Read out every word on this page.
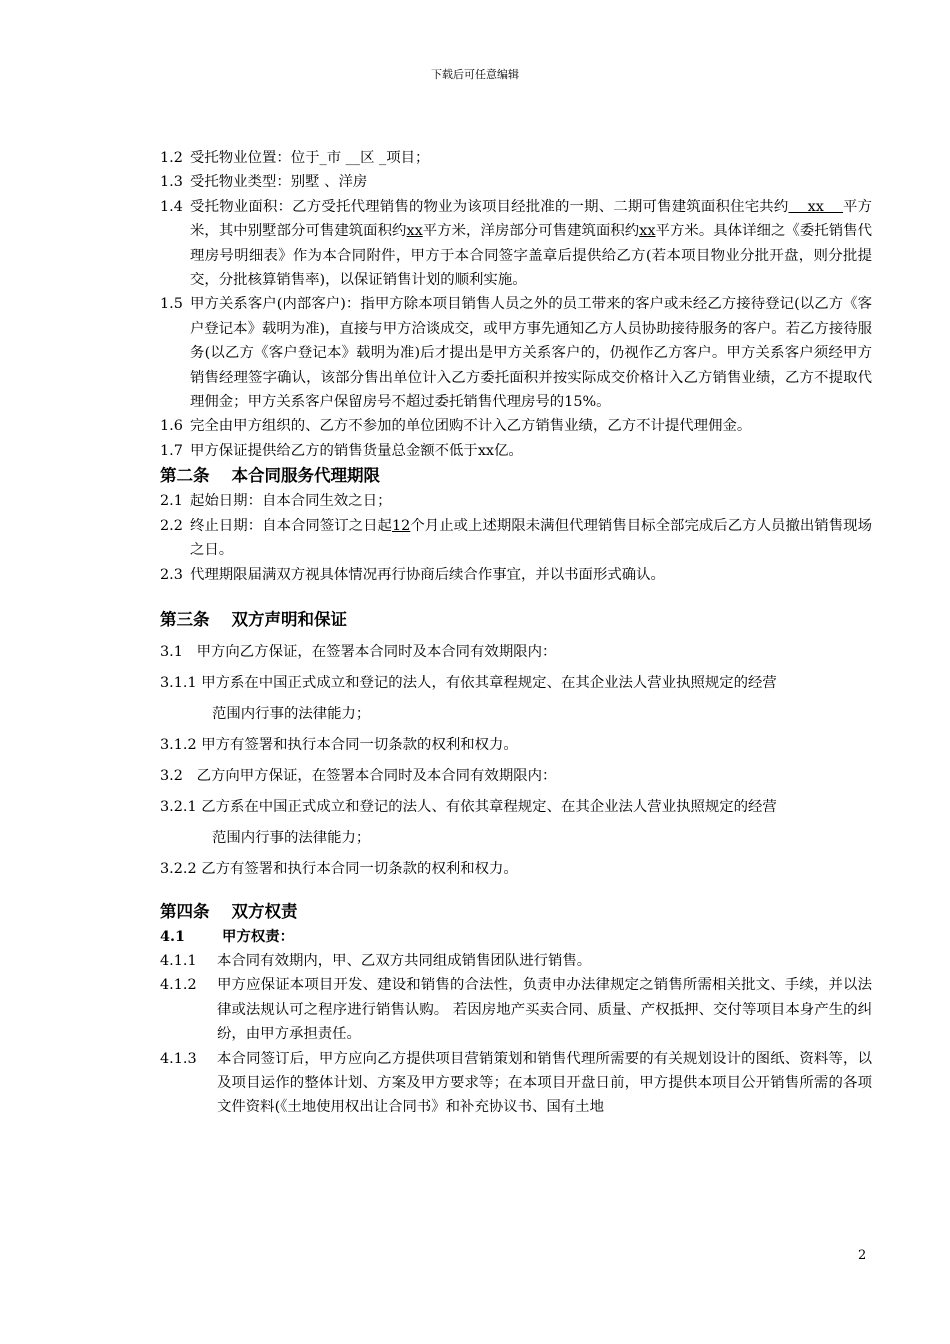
下载后可任意编辑
1.2 受托物业位置：位于_市 __区 _项目；
1.3 受托物业类型：别墅 、洋房
1.4 受托物业面积：乙方受托代理销售的物业为该项目经批准的一期、二期可售建筑面积住宅共约    xx    平方米，其中别墅部分可售建筑面积约xx平方米，洋房部分可售建筑面积约xx平方米。具体详细之《委托销售代理房号明细表》作为本合同附件，甲方于本合同签字盖章后提供给乙方(若本项目物业分批开盘，则分批提交，分批核算销售率)，以保证销售计划的顺利实施。
1.5 甲方关系客户(内部客户)：指甲方除本项目销售人员之外的员工带来的客户或未经乙方接待登记(以乙方《客户登记本》载明为准)，直接与甲方洽谈成交，或甲方事先通知乙方人员协助接待服务的客户。若乙方接待服务(以乙方《客户登记本》载明为准)后才提出是甲方关系客户的，仍视作乙方客户。甲方关系客户须经甲方销售经理签字确认，该部分售出单位计入乙方委托面积并按实际成交价格计入乙方销售业绩，乙方不提取代理佣金；甲方关系客户保留房号不超过委托销售代理房号的15%。
1.6 完全由甲方组织的、乙方不参加的单位团购不计入乙方销售业绩，乙方不计提代理佣金。
1.7 甲方保证提供给乙方的销售货量总金额不低于xx亿。
第二条 本合同服务代理期限
2.1 起始日期：自本合同生效之日；
2.2 终止日期：自本合同签订之日起12个月止或上述期限未满但代理销售目标全部完成后乙方人员撤出销售现场之日。
2.3 代理期限届满双方视具体情况再行协商后续合作事宜，并以书面形式确认。
第三条 双方声明和保证
3.1   甲方向乙方保证，在签署本合同时及本合同有效期限内：
3.1.1 甲方系在中国正式成立和登记的法人，有依其章程规定、在其企业法人营业执照规定的经营
范围内行事的法律能力；
3.1.2 甲方有签署和执行本合同一切条款的权利和权力。
3.2   乙方向甲方保证，在签署本合同时及本合同有效期限内：
3.2.1 乙方系在中国正式成立和登记的法人、有依其章程规定、在其企业法人营业执照规定的经营
范围内行事的法律能力；
3.2.2 乙方有签署和执行本合同一切条款的权利和权力。
第四条 双方权责
4.1	甲方权责：
4.1.1 本合同有效期内，甲、乙双方共同组成销售团队进行销售。
4.1.2 甲方应保证本项目开发、建设和销售的合法性，负责申办法律规定之销售所需相关批文、手续，并以法律或法规认可之程序进行销售认购。 若因房地产买卖合同、质量、产权抵押、交付等项目本身产生的纠纷，由甲方承担责任。
4.1.3 本合同签订后，甲方应向乙方提供项目营销策划和销售代理所需要的有关规划设计的图纸、资料等，以及项目运作的整体计划、方案及甲方要求等；在本项目开盘日前，甲方提供本项目公开销售所需的各项文件资料(《土地使用权出让合同书》和补充协议书、国有土地
2
